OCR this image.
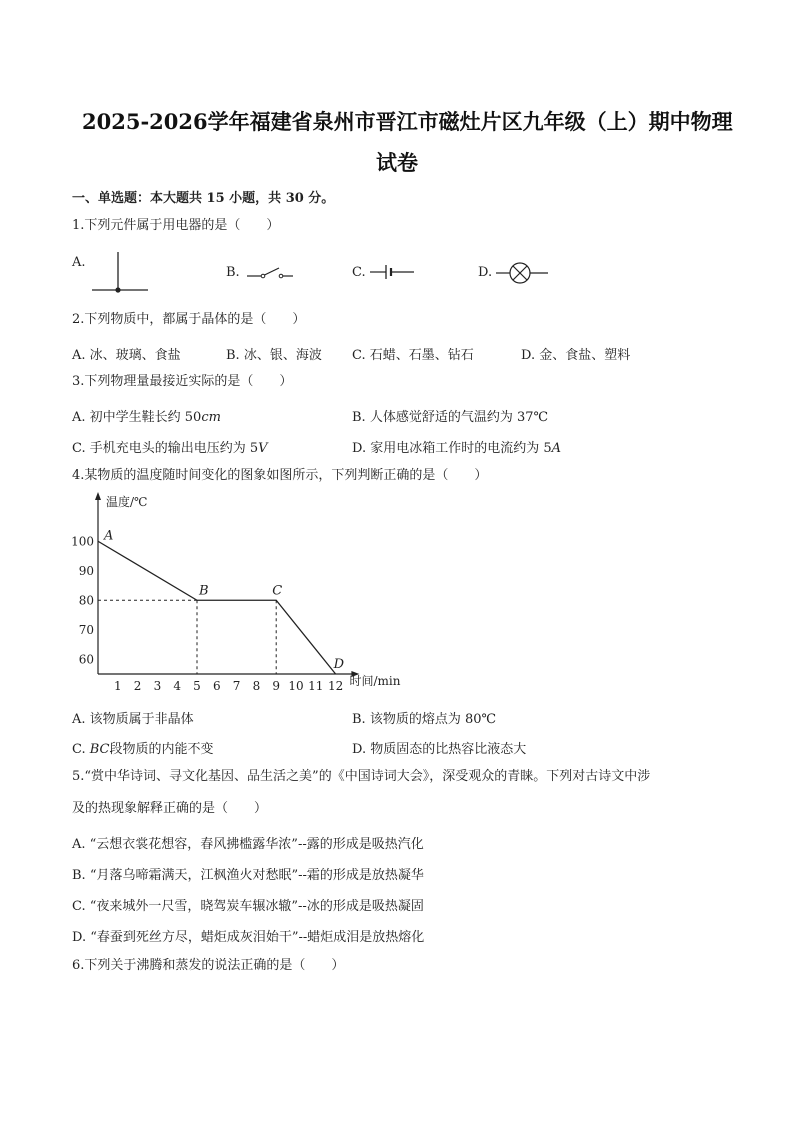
2025-2026学年福建省泉州市晋江市磁灶片区九年级（上）期中物理
试卷
一、单选题：本大题共 15 小题，共 30 分。
1.下列元件属于用电器的是（　　）
A.
B.	C.	D.
2.下列物质中，都属于晶体的是（　　）
A. 冰、玻璃、食盐	B. 冰、银、海波 C. 石蜡、石墨、钻石	D. 金、食盐、塑料
3.下列物理量最接近实际的是（　　）
A. 初中学生鞋长约 50cm	B. 人体感觉舒适的气温约为 37℃
C. 手机充电头的输出电压约为 5V	D. 家用电冰箱工作时的电流约为 5A
4.某物质的温度随时间变化的图象如图所示，下列判断正确的是（　　）
温度/℃
时间/min
1 2 3 4 5 6 7 8 9 10 11 12
60
70
80
90
100 A
B	C
D
A. 该物质属于非晶体	B. 该物质的熔点为 80℃
C. BC段物质的内能不变	D. 物质固态的比热容比液态大
5.“赏中华诗词、寻文化基因、品生活之美”的《中国诗词大会》，深受观众的青睐。下列对古诗文中涉
及的热现象解释正确的是（　　）
A. “云想衣裳花想容，春风拂槛露华浓”--露的形成是吸热汽化
B. “月落乌啼霜满天，江枫渔火对愁眠”--霜的形成是放热凝华
C. “夜来城外一尺雪，晓驾炭车辗冰辙”--冰的形成是吸热凝固
D. “春蚕到死丝方尽，蜡炬成灰泪始干”--蜡炬成泪是放热熔化
6.下列关于沸腾和蒸发的说法正确的是（　　）
